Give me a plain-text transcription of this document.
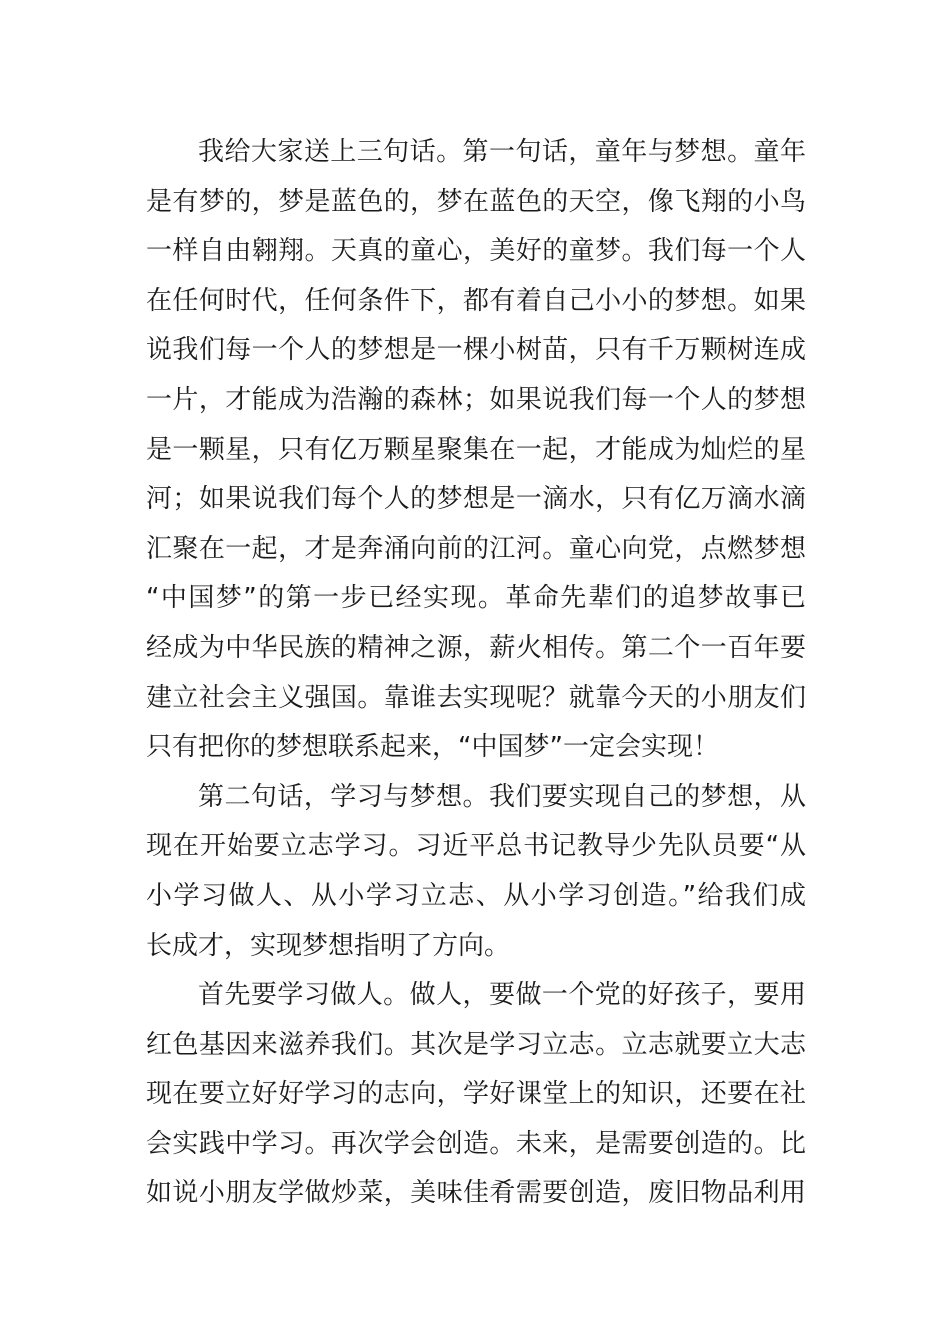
我给大家送上三句话。第一句话，童年与梦想。童年
是有梦的，梦是蓝色的，梦在蓝色的天空，像飞翔的小鸟
一样自由翱翔。天真的童心，美好的童梦。我们每一个人
在任何时代，任何条件下，都有着自己小小的梦想。如果
说我们每一个人的梦想是一棵小树苗，只有千万颗树连成
一片，才能成为浩瀚的森林；如果说我们每一个人的梦想
是一颗星，只有亿万颗星聚集在一起，才能成为灿烂的星
河；如果说我们每个人的梦想是一滴水，只有亿万滴水滴
汇聚在一起，才是奔涌向前的江河。童心向党，点燃梦想
“中国梦”的第一步已经实现。革命先辈们的追梦故事已
经成为中华民族的精神之源，薪火相传。第二个一百年要
建立社会主义强国。靠谁去实现呢？就靠今天的小朋友们
只有把你的梦想联系起来，“中国梦”一定会实现！
第二句话，学习与梦想。我们要实现自己的梦想，从
现在开始要立志学习。习近平总书记教导少先队员要“从
小学习做人、从小学习立志、从小学习创造。”给我们成
长成才，实现梦想指明了方向。
首先要学习做人。做人，要做一个党的好孩子，要用
红色基因来滋养我们。其次是学习立志。立志就要立大志
现在要立好好学习的志向，学好课堂上的知识，还要在社
会实践中学习。再次学会创造。未来，是需要创造的。比
如说小朋友学做炒菜，美味佳肴需要创造，废旧物品利用
